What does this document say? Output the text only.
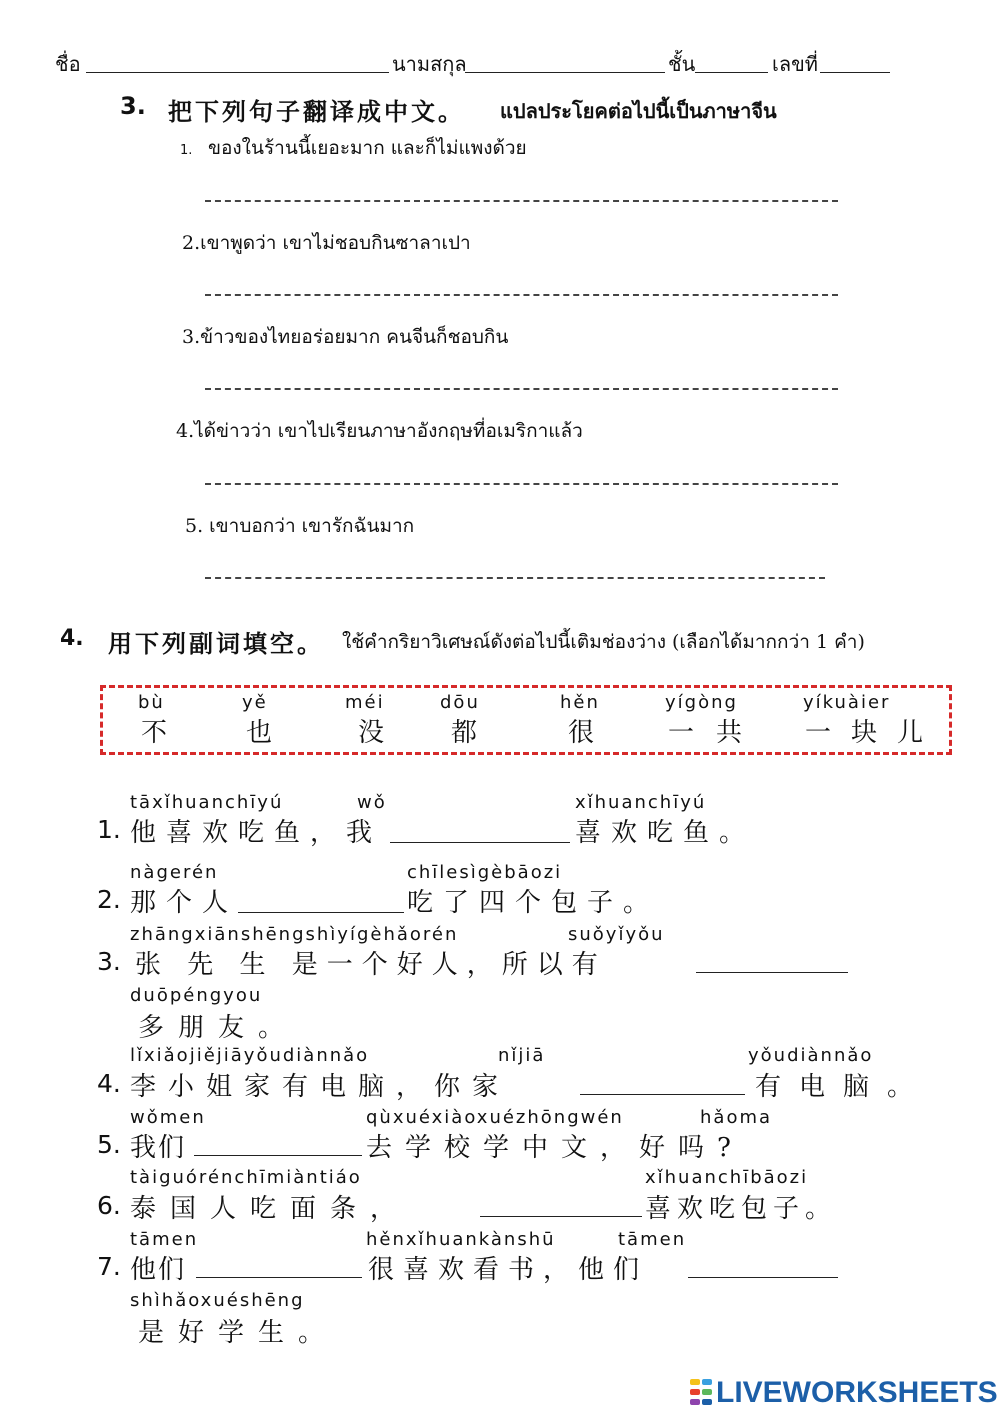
ชื่อ	นามสกุล	ชั้น	เลขที่
3. 把下列句子翻译成中文。 แปลประโยคต่อไปนี้เป็นภาษาจีน
1. ของในร้านนี้เยอะมาก และก็ไม่แพงด้วย
2.เขาพูดว่า เขาไม่ชอบกินซาลาเปา
3.ข้าวของไทยอร่อยมาก คนจีนก็ชอบกิน
4.ได้ข่าวว่า เขาไปเรียนภาษาอังกฤษที่อเมริกาแล้ว
5. เขาบอกว่า เขารักฉันมาก
4. 用下列副词填空。 ใช้คำกริยาวิเศษณ์ดังต่อไปนี้เติมช่องว่าง (เลือกได้มากกว่า 1 คำ)
bù
不
yě
也
méi
没
dōu
都
hěn
很
yígòng
一共
yíkuàier
一块儿
tāxǐhuanchīyú	wǒ	xǐhuanchīyú
1. 他喜欢吃鱼，我	喜欢吃鱼。
nàgerén	chīlesìgèbāozi
2. 那个人	吃了四个包子。
zhāngxiānshēngshìyígèhǎorén	suǒyǐyǒu
3. 张 先 生 是一个好人，所以有
duōpéngyou
多朋友。
lǐxiǎojiějiāyǒudiànnǎo	nǐjiā	yǒudiànnǎo
4. 李小姐家有电脑，你家	有电脑。
wǒmen	qùxuéxiàoxuézhōngwén	hǎoma
5. 我们	去学校学中文，好吗?
tàiguórénchīmiàntiáo	xǐhuanchībāozi
6. 泰国人吃面条，	喜欢吃包子。
tāmen	hěnxǐhuankànshū	tāmen
7. 他们	很喜欢看书，他们
shìhǎoxuéshēng
是好学生。
LIVEWORKSHEETS
